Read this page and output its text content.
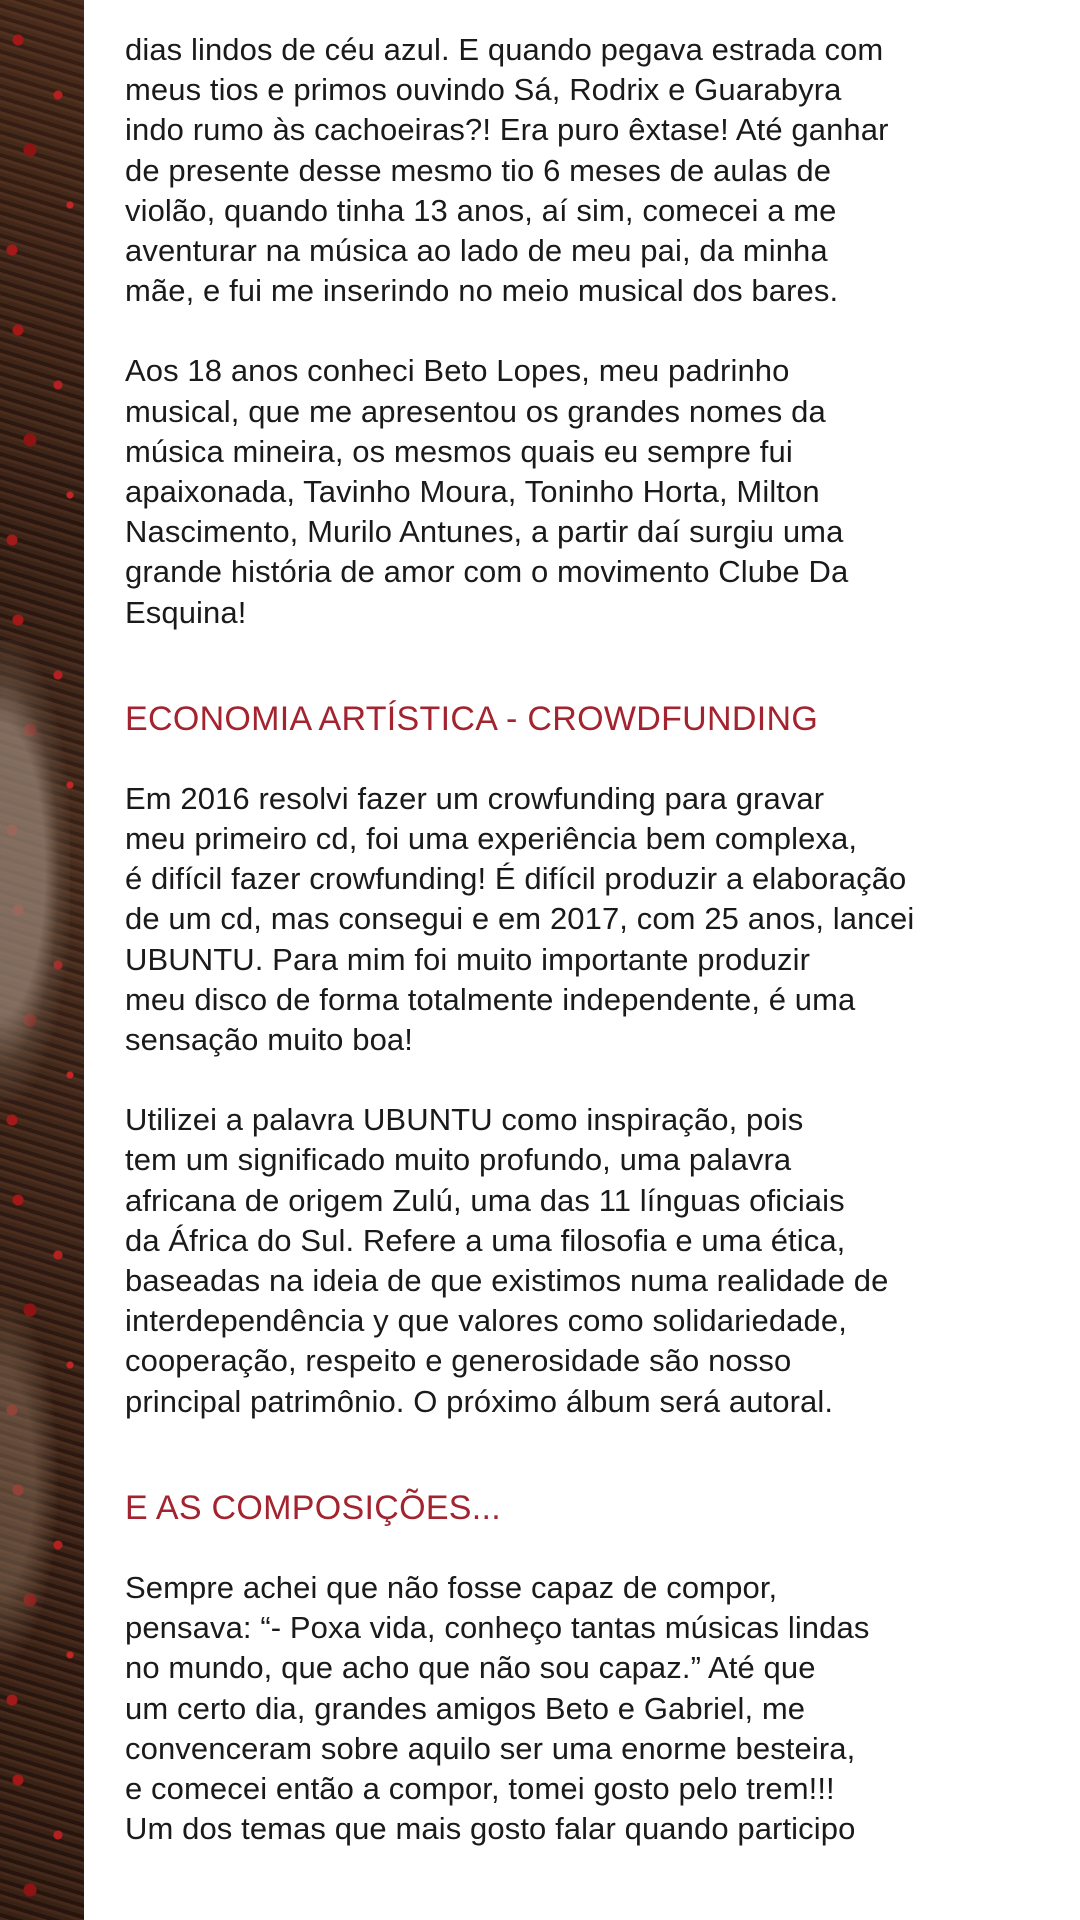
dias lindos de céu azul. E quando pegava estrada com
meus tios e primos ouvindo Sá, Rodrix e Guarabyra
indo rumo às cachoeiras?! Era puro êxtase! Até ganhar
de presente desse mesmo tio 6 meses de aulas de
violão, quando tinha 13 anos, aí sim, comecei a me
aventurar na música ao lado de meu pai, da minha
mãe, e fui me inserindo no meio musical dos bares.

Aos 18 anos conheci Beto Lopes, meu padrinho
musical, que me apresentou os grandes nomes da
música mineira, os mesmos quais eu sempre fui
apaixonada, Tavinho Moura, Toninho Horta, Milton
Nascimento, Murilo Antunes, a partir daí surgiu uma
grande história de amor com o movimento Clube Da
Esquina!

ECONOMIA ARTÍSTICA - CROWDFUNDING

Em 2016 resolvi fazer um crowfunding para gravar
meu primeiro cd, foi uma experiência bem complexa,
é difícil fazer crowfunding! É difícil produzir a elaboração
de um cd, mas consegui e em 2017, com 25 anos, lancei
UBUNTU. Para mim foi muito importante produzir
meu disco de forma totalmente independente, é uma
sensação muito boa!

Utilizei a palavra UBUNTU como inspiração, pois
tem um significado muito profundo, uma palavra
africana de origem Zulú, uma das 11 línguas oficiais
da África do Sul. Refere a uma filosofia e uma ética,
baseadas na ideia de que existimos numa realidade de
interdependência y que valores como solidariedade,
cooperação, respeito e generosidade são nosso
principal patrimônio. O próximo álbum será autoral.

E AS COMPOSIÇÕES...

Sempre achei que não fosse capaz de compor,
pensava: “- Poxa vida, conheço tantas músicas lindas
no mundo, que acho que não sou capaz.” Até que
um certo dia, grandes amigos Beto e Gabriel, me
convenceram sobre aquilo ser uma enorme besteira,
e comecei então a compor, tomei gosto pelo trem!!!
Um dos temas que mais gosto falar quando participo
